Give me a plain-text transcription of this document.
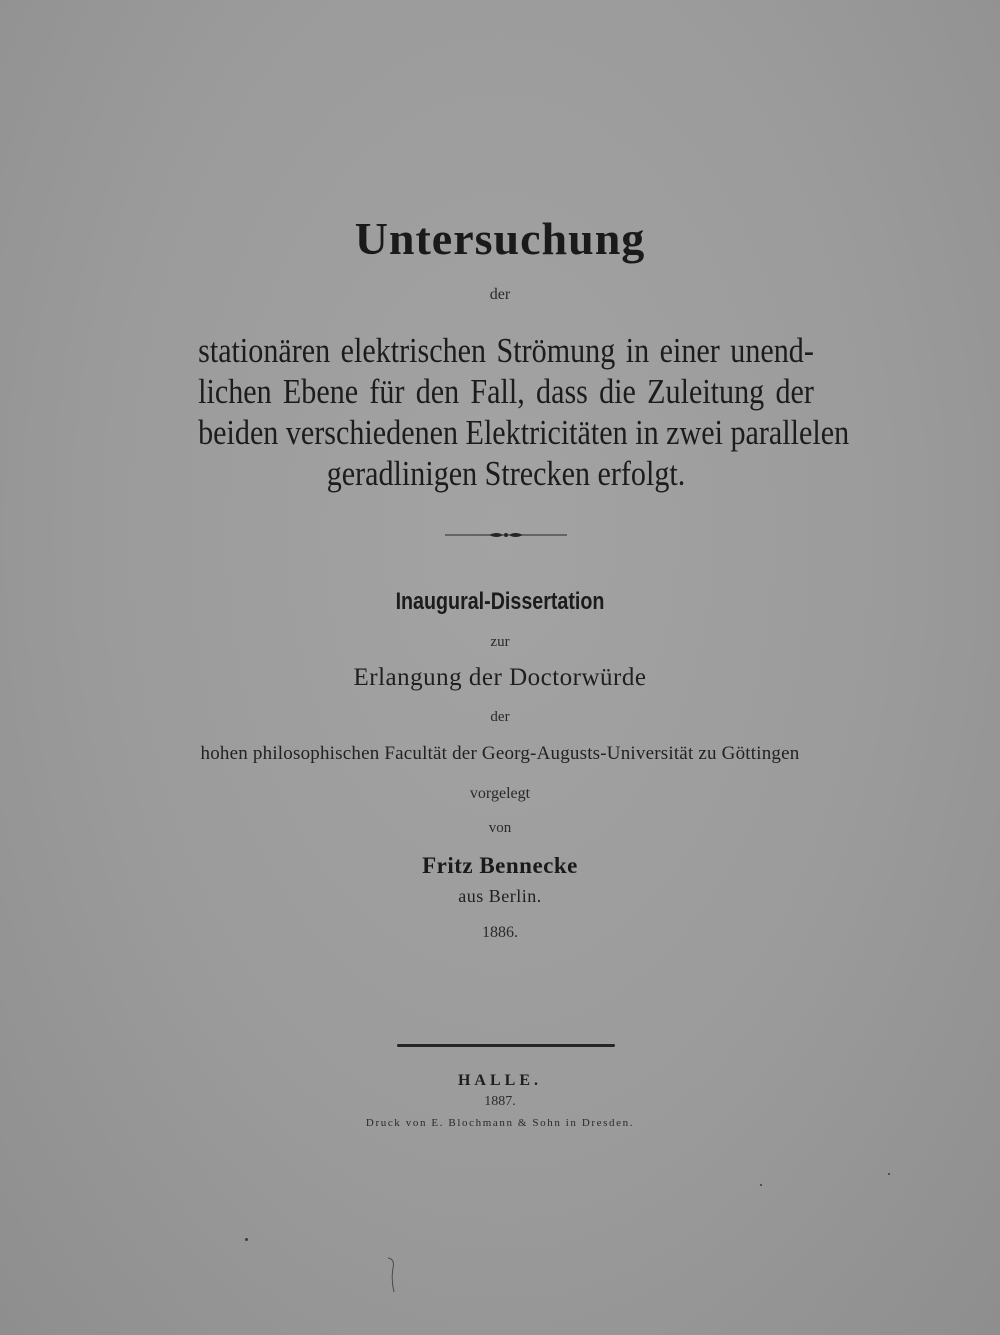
Untersuchung
der
stationären elektrischen Strömung in einer unend-
lichen Ebene für den Fall, dass die Zuleitung der
beiden verschiedenen Elektricitäten in zwei parallelen
geradlinigen Strecken erfolgt.
Inaugural-Dissertation
zur
Erlangung der Doctorwürde
der
hohen philosophischen Facultät der Georg-Augusts-Universität zu Göttingen
vorgelegt
von
Fritz Bennecke
aus Berlin.
1886.
HALLE.
1887.
Druck von E. Blochmann & Sohn in Dresden.
